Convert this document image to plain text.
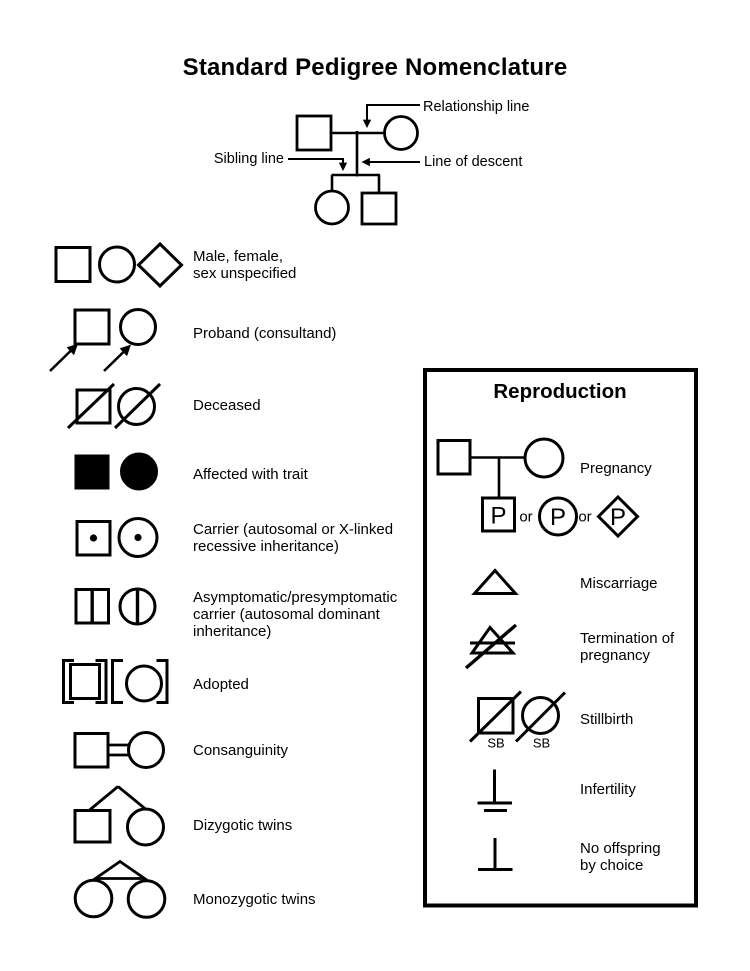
Standard Pedigree Nomenclature
P or P or P
SB SB
Relationship line
Sibling line	Line of descent
Male, female,
sex unspecified
Proband (consultand)
Deceased
Affected with trait
Carrier (autosomal or X-linked
recessive inheritance)
Asymptomatic/presymptomatic
carrier (autosomal dominant
inheritance)
Adopted
Consanguinity
Dizygotic twins
Monozygotic twins
Reproduction
Pregnancy
Miscarriage
Termination of
pregnancy
Stillbirth
Infertility
No offspring
by choice
